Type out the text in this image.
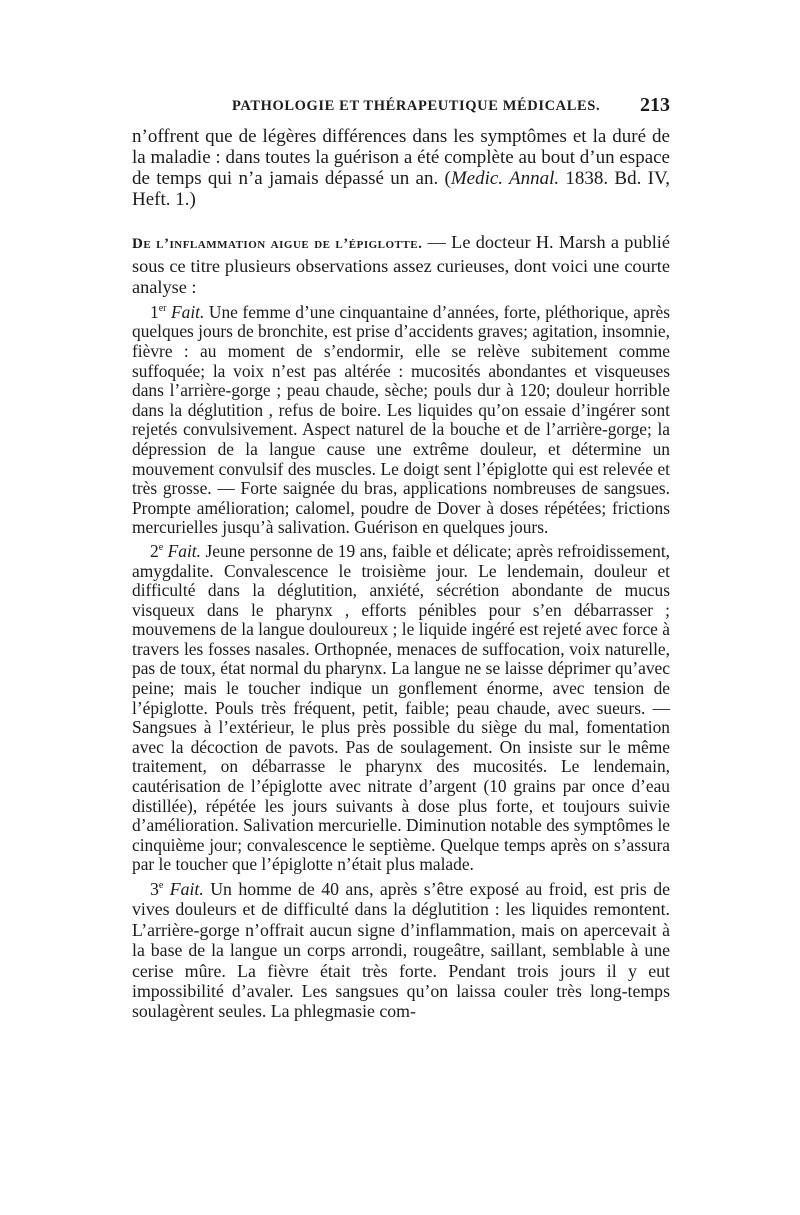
PATHOLOGIE ET THÉRAPEUTIQUE MÉDICALES. 213

n’offrent que de légères différences dans les symptômes et la duré de la maladie : dans toutes la guérison a été complète au bout d’un espace de temps qui n’a jamais dépassé un an. (Medic. Annal. 1838. Bd. IV, Heft. 1.)

De l’inflammation aigue de l’épiglotte. — Le docteur H. Marsh a publié sous ce titre plusieurs observations assez curieuses, dont voici une courte analyse :

1er Fait. Une femme d’une cinquantaine d’années, forte, pléthorique, après quelques jours de bronchite, est prise d’accidents graves; agitation, insomnie, fièvre : au moment de s’endormir, elle se relève subitement comme suffoquée; la voix n’est pas altérée : mucosités abondantes et visqueuses dans l’arrière-gorge ; peau chaude, sèche; pouls dur à 120; douleur horrible dans la déglutition , refus de boire. Les liquides qu’on essaie d’ingérer sont rejetés convulsivement. Aspect naturel de la bouche et de l’arrière-gorge; la dépression de la langue cause une extrême douleur, et détermine un mouvement convulsif des muscles. Le doigt sent l’épiglotte qui est relevée et très grosse. — Forte saignée du bras, applications nombreuses de sangsues. Prompte amélioration; calomel, poudre de Dover à doses répétées; frictions mercurielles jusqu’à salivation. Guérison en quelques jours.

2e Fait. Jeune personne de 19 ans, faible et délicate; après refroidissement, amygdalite. Convalescence le troisième jour. Le lendemain, douleur et difficulté dans la déglutition, anxiété, sécrétion abondante de mucus visqueux dans le pharynx , efforts pénibles pour s’en débarrasser ; mouvemens de la langue douloureux ; le liquide ingéré est rejeté avec force à travers les fosses nasales. Orthopnée, menaces de suffocation, voix naturelle, pas de toux, état normal du pharynx. La langue ne se laisse déprimer qu’avec peine; mais le toucher indique un gonflement énorme, avec tension de l’épiglotte. Pouls très fréquent, petit, faible; peau chaude, avec sueurs. — Sangsues à l’extérieur, le plus près possible du siège du mal, fomentation avec la décoction de pavots. Pas de soulagement. On insiste sur le même traitement, on débarrasse le pharynx des mucosités. Le lendemain, cautérisation de l’épiglotte avec nitrate d’argent (10 grains par once d’eau distillée), répétée les jours suivants à dose plus forte, et toujours suivie d’amélioration. Salivation mercurielle. Diminution notable des symptômes le cinquième jour; convalescence le septième. Quelque temps après on s’assura par le toucher que l’épiglotte n’était plus malade.

3e Fait. Un homme de 40 ans, après s’être exposé au froid, est pris de vives douleurs et de difficulté dans la déglutition : les liquides remontent. L’arrière-gorge n’offrait aucun signe d’inflammation, mais on apercevait à la base de la langue un corps arrondi, rougeâtre, saillant, semblable à une cerise mûre. La fièvre était très forte. Pendant trois jours il y eut impossibilité d’avaler. Les sangsues qu’on laissa couler très long-temps soulagèrent seules. La phlegmasie com-
